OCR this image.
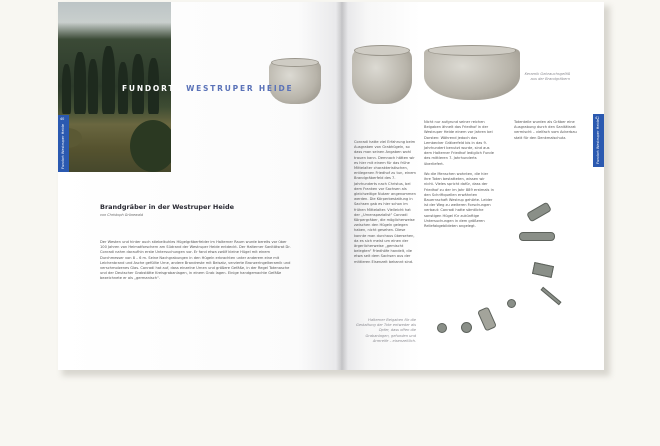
FUNDORT ▸ WESTRUPER HEIDE
40
Fundort Westruper Heide
Brandgräber in der Westruper Heide
von Christoph Grünewald
Der Westen und hinter auch stiebelkuhles Hügelgräberfelder im Halterner Raum wurde bereits vor über 100 Jahren von Heimatforschern am Südrand der Westruper Heide entdeckt. Der Halterner Sanitätsrat Dr. Conradi nahm daraufhin erste Untersuchungen vor. Er fand etwa zwölf kleine Hügel mit einem Durchmesser von 8 – 6 m. Seine Nachgrabungen in den Hügeln erbrachten unter anderem eine mit Leichenbrand und Asche gefüllte Urne, andere Brandreste mit Beisatz, verzierte Bronzeringelkeramik und verschmolzenes Glas. Conradi hat auf, dass einzelne Urnen und größere Gefäße, in der Regel Totenasche und der Deutscher Grabstätte Kreisgrabanlagen, in einem Grab lagen. Einige handgemachte Gefäße bezeichnete er als „germanisch“.
Keramik Gebrauchsgefäß aus der Brandgräbern
41
Fundort Westruper Heide
Conradi hatte viel Erfahrung beim Ausgraben von Grabhügeln, so dass man seinen Angaben wohl trauen kann. Demnach hätten wir es hier mit einem für das frühe Mittelalter charakteristischen, entlegenen Friedhof zu tun, einem Brandgräberfeld des 7. Jahrhunderts nach Christus, bei dem Franken vor Sachsen als gleichzeitige Nutzer angenommen werden. Die Körperbestattung in Sachsen gab es hier schon im frühen Mittelalter. Vielleicht hat der „Urnenspezialist“ Conradi Körpergräber, die möglicherweise zwischen den Hügeln gelegen haben, nicht gesehen. Diese konnte man durchaus übersehen, da es sich meist um einen der ärgerlicherweise „gemischt belegten“ Friedhöfe handelt, die etwa seit dem Sachsen aus der mittleren Eisenzeit bekannt sind.
Nicht nur aufgrund seiner reichen Beigaben ähnelt das Friedhof in der Westruper Heide einem vor Jahren bei Dorsten: Während jedoch das Lembecker Gräberfeld bis in das 9. Jahrhundert benutzt wurde, sind aus dem Halterner Friedhof lediglich Funde des mittleren 7. Jahrhunderts überliefert.

Wo die Menschen wohnten, die hier ihre Toten bestatteten, wissen wir nicht. Vieles spricht dafür, dass der Friedhof zu der im Jahr 889 erstmals in den Schriftquellen erwähnten Bauernschaft Westrup gehörte. Leider ist der Weg zu weiteren Forschungen verbaut: Conradi hatte sämtliche sonstigen Hügel für zukünftige Untersuchungen in dem größeren Reliefabgebildeten angelegt.
Totenteile wurden als Gräber eine Ausgrabung durch den Sanitätsrat vermischt – vielfach vom Ackerbau statt für den Denkmalschutz.
Halterner Beigaben für die Gestaltung der Tote entweder als Opfer, dass offen die Grabanlagen, gefunden und Armreife – eisenzeitlich.
